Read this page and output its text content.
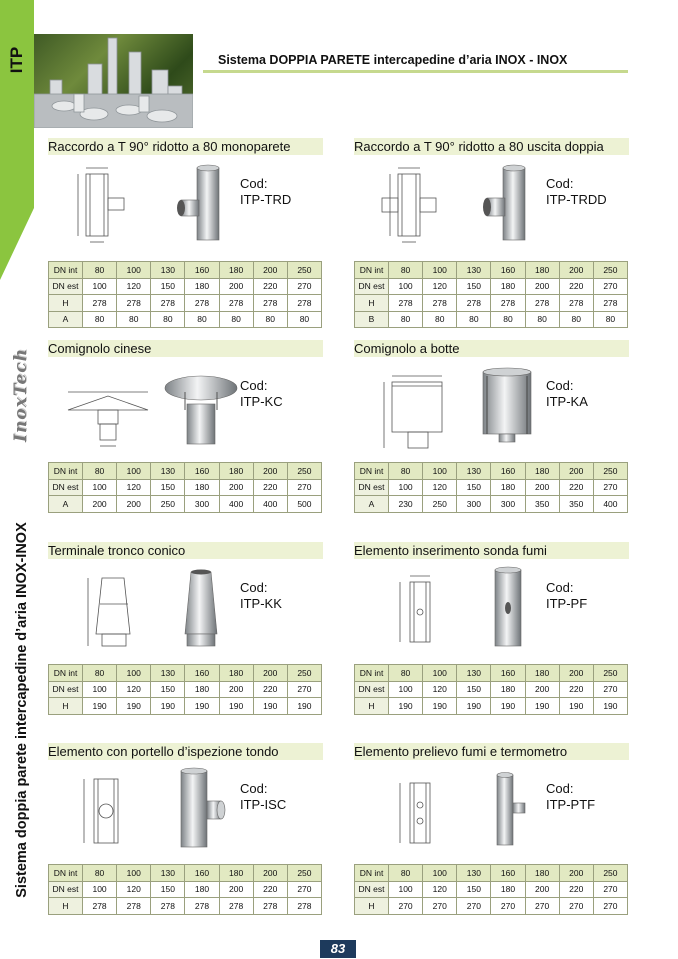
ITP
InoxTech
Sistema doppia parete intercapedine d’aria INOX-INOX
Sistema DOPPIA PARETE intercapedine d’aria INOX - INOX
Raccordo a T 90° ridotto a 80 monoparete
Cod:
ITP-TRD
DN int	80	100	130	160	180	200	250
DN est	100	120	150	180	200	220	270
H	278	278	278	278	278	278	278
A	80	80	80	80	80	80	80
Raccordo a T 90° ridotto a 80 uscita doppia
Cod:
ITP-TRDD
DN int	80	100	130	160	180	200	250
DN est	100	120	150	180	200	220	270
H	278	278	278	278	278	278	278
B	80	80	80	80	80	80	80
Comignolo cinese
Cod:
ITP-KC
DN int	80	100	130	160	180	200	250
DN est	100	120	150	180	200	220	270
A	200	200	250	300	400	400	500
Comignolo a botte
Cod:
ITP-KA
DN int	80	100	130	160	180	200	250
DN est	100	120	150	180	200	220	270
A	230	250	300	300	350	350	400
Terminale tronco conico
Cod:
ITP-KK
DN int	80	100	130	160	180	200	250
DN est	100	120	150	180	200	220	270
H	190	190	190	190	190	190	190
Elemento inserimento sonda fumi
Cod:
ITP-PF
DN int	80	100	130	160	180	200	250
DN est	100	120	150	180	200	220	270
H	190	190	190	190	190	190	190
Elemento con portello d’ispezione tondo
Cod:
ITP-ISC
DN int	80	100	130	160	180	200	250
DN est	100	120	150	180	200	220	270
H	278	278	278	278	278	278	278
Elemento prelievo fumi e termometro
Cod:
ITP-PTF
DN int	80	100	130	160	180	200	250
DN est	100	120	150	180	200	220	270
H	270	270	270	270	270	270	270
83
